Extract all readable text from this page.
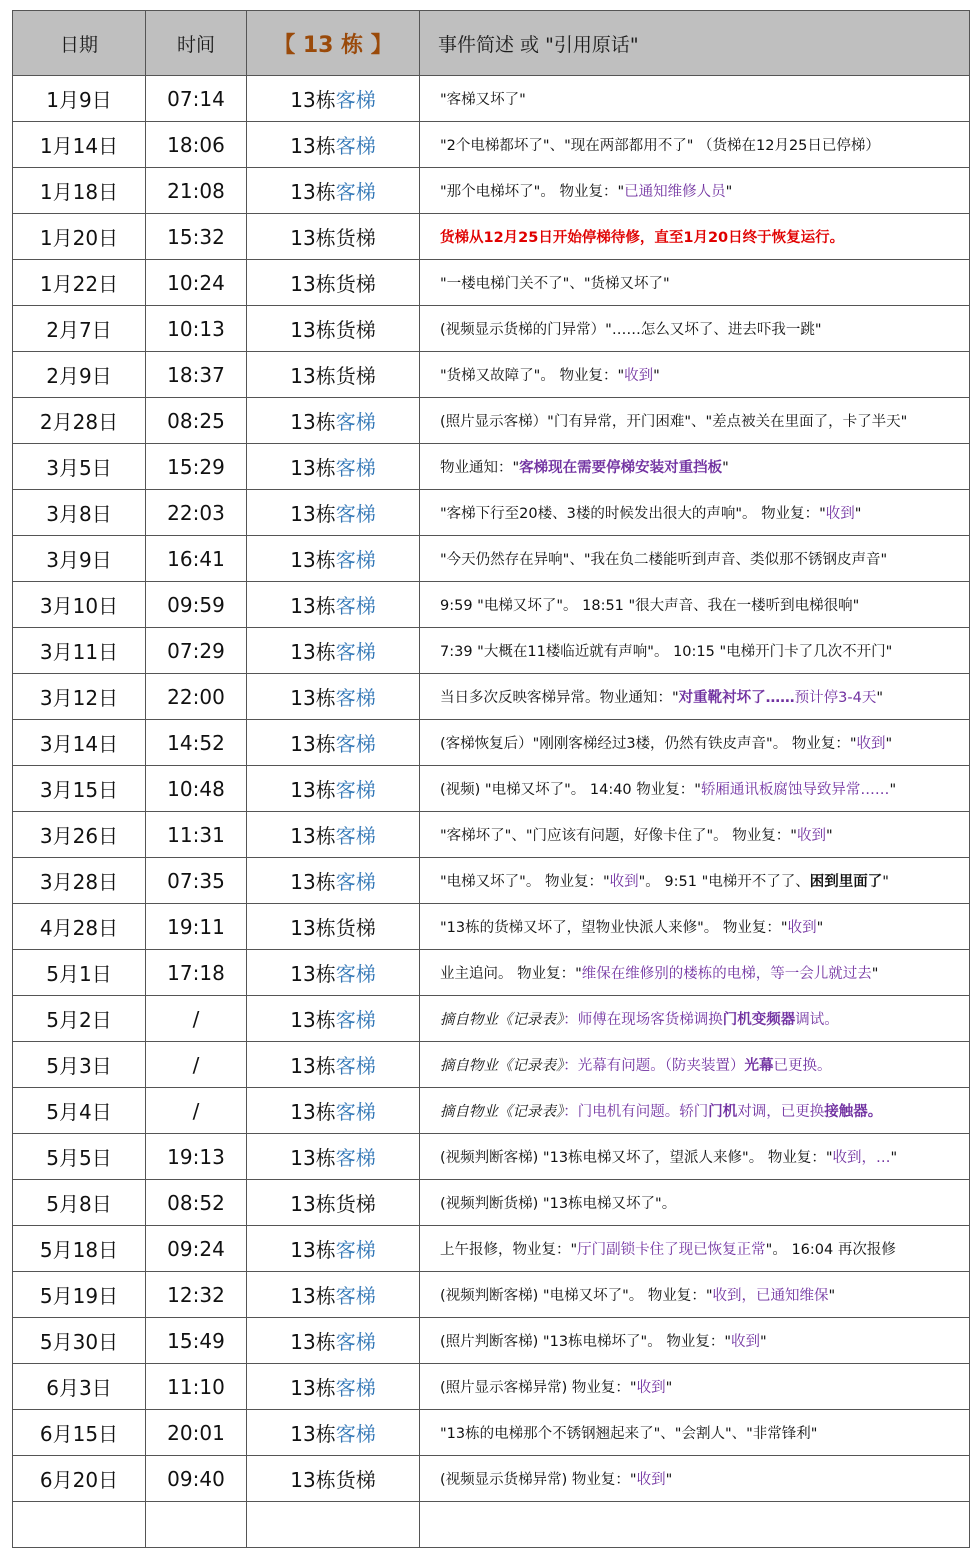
日期	时间	【 13 栋 】	事件简述 或 "引用原话"
1月9日	07:14	13栋客梯	"客梯又坏了"
1月14日	18:06	13栋客梯	"2个电梯都坏了"、"现在两部都用不了" （货梯在12月25日已停梯）
1月18日	21:08	13栋客梯	"那个电梯坏了"。 物业复："已通知维修人员"
1月20日	15:32	13栋货梯	货梯从12月25日开始停梯待修，直至1月20日终于恢复运行。
1月22日	10:24	13栋货梯	"一楼电梯门关不了"、"货梯又坏了"
2月7日	10:13	13栋货梯	(视频显示货梯的门异常）"……怎么又坏了、进去吓我一跳"
2月9日	18:37	13栋货梯	"货梯又故障了"。 物业复："收到"
2月28日	08:25	13栋客梯	(照片显示客梯）"门有异常，开门困难"、"差点被关在里面了，卡了半天"
3月5日	15:29	13栋客梯	物业通知："客梯现在需要停梯安装对重挡板"
3月8日	22:03	13栋客梯	"客梯下行至20楼、3楼的时候发出很大的声响"。 物业复："收到"
3月9日	16:41	13栋客梯	"今天仍然存在异响"、"我在负二楼能听到声音、类似那不锈钢皮声音"
3月10日	09:59	13栋客梯	9:59 "电梯又坏了"。 18:51 "很大声音、我在一楼听到电梯很响"
3月11日	07:29	13栋客梯	7:39 "大概在11楼临近就有声响"。 10:15 "电梯开门卡了几次不开门"
3月12日	22:00	13栋客梯	当日多次反映客梯异常。物业通知："对重靴衬坏了……预计停3-4天"
3月14日	14:52	13栋客梯	(客梯恢复后）"刚刚客梯经过3楼，仍然有铁皮声音"。 物业复："收到"
3月15日	10:48	13栋客梯	(视频) "电梯又坏了"。 14:40 物业复："轿厢通讯板腐蚀导致异常……"
3月26日	11:31	13栋客梯	"客梯坏了"、"门应该有问题，好像卡住了"。 物业复："收到"
3月28日	07:35	13栋客梯	"电梯又坏了"。 物业复："收到"。 9:51 "电梯开不了了、困到里面了"
4月28日	19:11	13栋货梯	"13栋的货梯又坏了，望物业快派人来修"。 物业复："收到"
5月1日	17:18	13栋客梯	业主追问。 物业复："维保在维修别的楼栋的电梯，等一会儿就过去"
5月2日	/	13栋客梯	摘自物业《记录表》：师傅在现场客货梯调换门机变频器调试。
5月3日	/	13栋客梯	摘自物业《记录表》：光幕有问题。（防夹装置）光幕已更换。
5月4日	/	13栋客梯	摘自物业《记录表》：门电机有问题。轿门门机对调，已更换接触器。
5月5日	19:13	13栋客梯	(视频判断客梯) "13栋电梯又坏了，望派人来修"。 物业复："收到，…"
5月8日	08:52	13栋货梯	(视频判断货梯) "13栋电梯又坏了"。
5月18日	09:24	13栋客梯	上午报修，物业复："厅门副锁卡住了现已恢复正常"。 16:04 再次报修
5月19日	12:32	13栋客梯	(视频判断客梯) "电梯又坏了"。 物业复："收到，已通知维保"
5月30日	15:49	13栋客梯	(照片判断客梯) "13栋电梯坏了"。 物业复："收到"
6月3日	11:10	13栋客梯	(照片显示客梯异常) 物业复："收到"
6月15日	20:01	13栋客梯	"13栋的电梯那个不锈钢翘起来了"、"会割人"、"非常锋利"
6月20日	09:40	13栋货梯	(视频显示货梯异常) 物业复："收到"
